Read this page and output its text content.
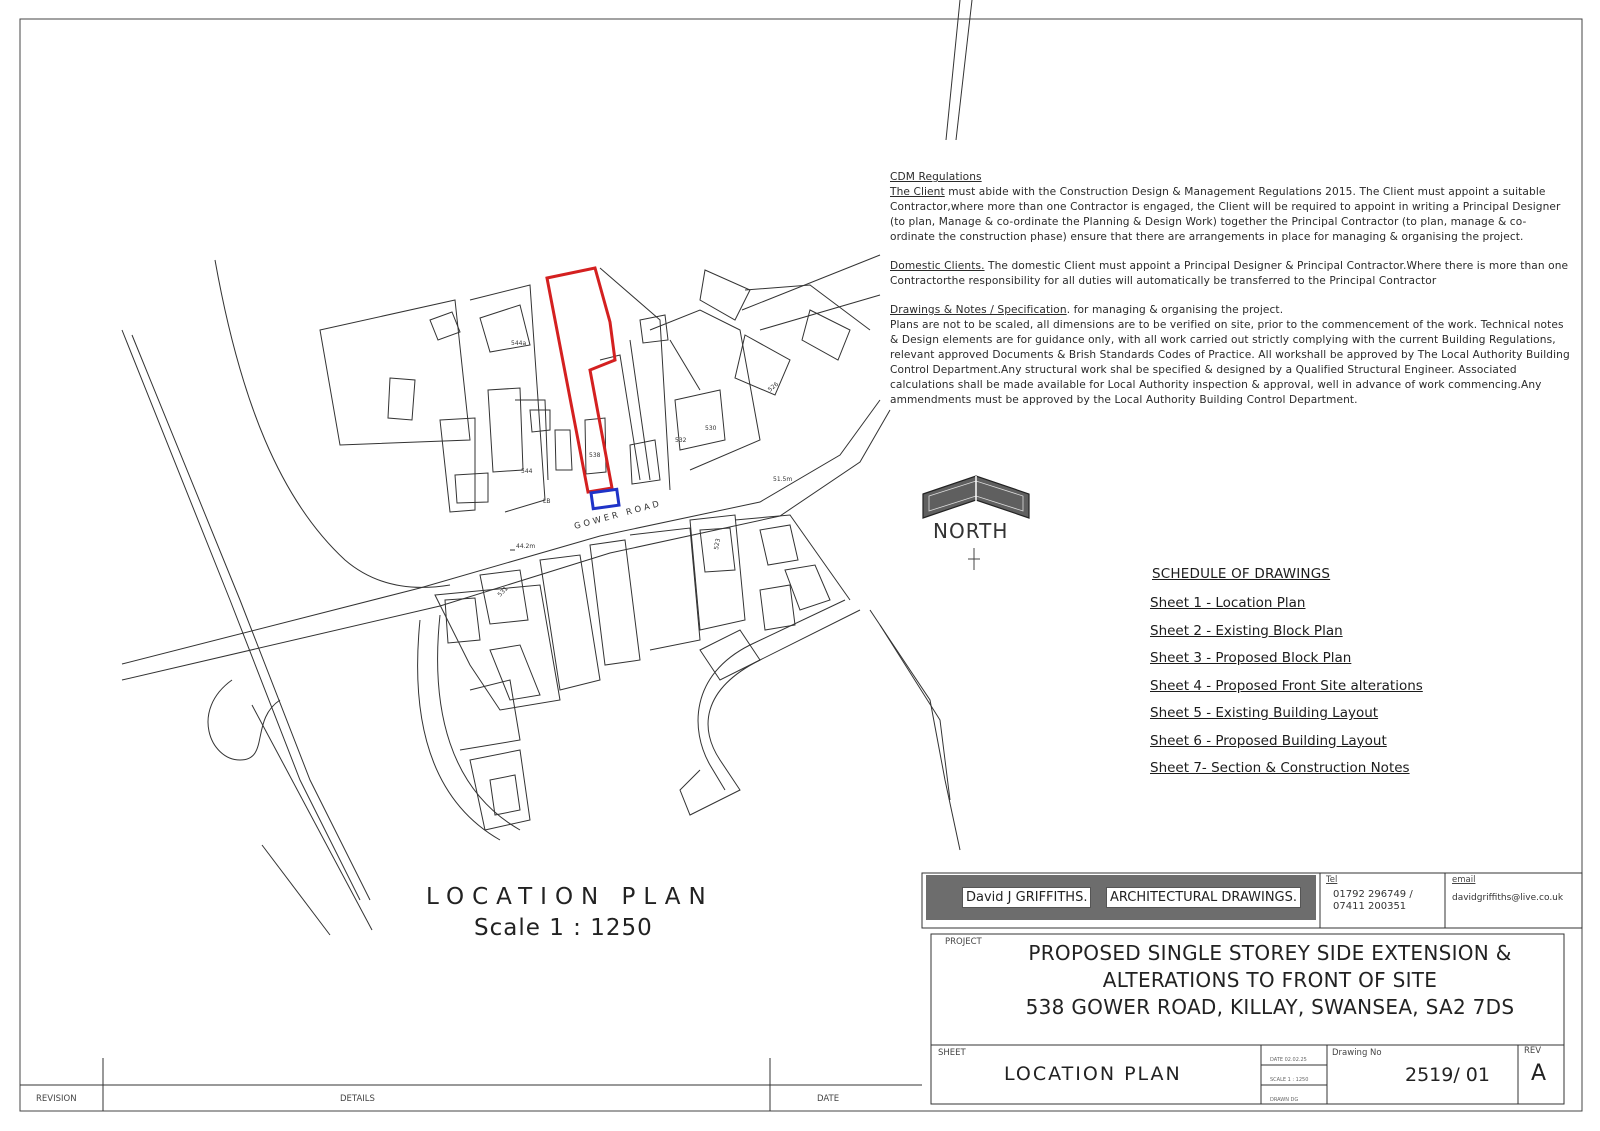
GOWER ROAD
44.2m
51.5m
544a
544
538
532
530
526
523
531
LB

CDM Regulations

The Client must abide with the Construction Design & Management Regulations 2015. The Client must appoint a suitable Contractor,where more than one Contractor is engaged, the Client will be required to appoint in writing a Principal Designer (to plan, Manage & co-ordinate the Planning & Design Work) together the Principal Contractor (to plan, manage & co-ordinate the construction phase) ensure that there are arrangements in place for managing & organising the project.

Domestic Clients. The domestic Client must appoint a Principal Designer & Principal Contractor.Where there is more than one Contractorthe responsibility for all duties will automatically be transferred to the Principal Contractor

Drawings & Notes / Specification. for managing & organising the project.

Plans are not to be scaled, all dimensions are to be verified on site, prior to the commencement of the work. Technical notes & Design elements are for guidance only, with all work carried out strictly complying with the current Building Regulations, relevant approved Documents & Brish Standards Codes of Practice. All workshall be approved by The Local Authority Building Control Department.Any structural work shal be specified & designed by a Qualified Structural Engineer. Associated calculations shall be made available for Local Authority inspection & approval, well in advance of work commencing.Any ammendments must be approved by the Local Authority Building Control Department.

NORTH
SCHEDULE OF DRAWINGS
Sheet 1 - Location Plan
Sheet 2 - Existing Block Plan
Sheet 3 - Proposed Block Plan
Sheet 4 - Proposed Front Site alterations
Sheet 5 - Existing Building Layout
Sheet 6 - Proposed Building Layout
Sheet 7- Section & Construction Notes
LOCATION PLAN
Scale 1 : 1250
David J GRIFFITHS.	ARCHITECTURAL DRAWINGS.
Tel
01792 296749 /
07411 200351
email
davidgriffiths@live.co.uk
PROJECT	PROPOSED SINGLE STOREY SIDE EXTENSION &
ALTERATIONS TO FRONT OF SITE
538 GOWER ROAD, KILLAY, SWANSEA, SA2 7DS
SHEET
LOCATION PLAN
DATE 02.02.25
SCALE 1 : 1250
DRAWN DG
Drawing No
2519/ 01
REV
A
REVISION	DETAILS	DATE
